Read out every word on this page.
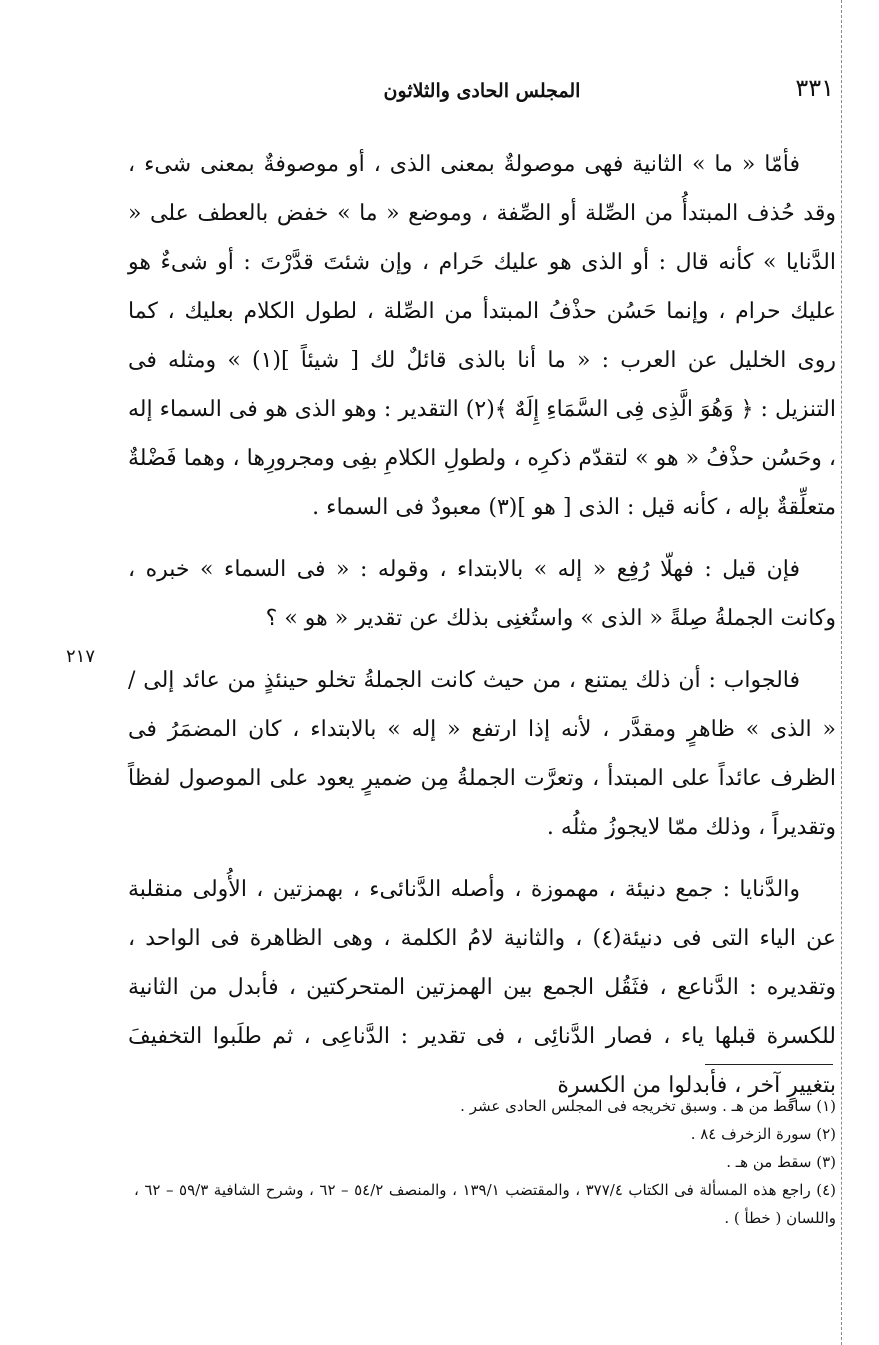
٣٣١
المجلس الحادى والثلاثون
٢١٧

فأمّا « ما » الثانية فهى موصولةٌ بمعنى الذى ، أو موصوفةٌ بمعنى شىء ، وقد حُذف المبتدأُ من الصِّلة أو الصِّفة ، وموضع « ما » خفض بالعطف على « الدَّنايا » كأنه قال : أو الذى هو عليك حَرام ، وإن شئتَ قدَّرْتَ : أو شىءٌ هو عليك حرام ، وإنما حَسُن حذْفُ المبتدأ من الصِّلة ، لطول الكلام بعليك ، كما روى الخليل عن العرب : « ما أنا بالذى قائلٌ لك [ شيئاً ](١) » ومثله فى التنزيل : ﴿ وَهُوَ الَّذِى فِى السَّمَاءِ إِلَهٌ ﴾(٢) التقدير : وهو الذى هو فى السماء إله ، وحَسُن حذْفُ « هو » لتقدّم ذكرِه ، ولطولِ الكلامِ بفِى ومجرورِها ، وهما فَضْلةٌ متعلِّقةٌ بإله ، كأنه قيل : الذى [ هو ](٣) معبودٌ فى السماء .

فإن قيل : فهلّا رُفِع « إله » بالابتداء ، وقوله : « فى السماء » خبره ، وكانت الجملةُ صِلةً « الذى » واستُغنِى بذلك عن تقدير « هو » ؟

فالجواب : أن ذلك يمتنع ، من حيث كانت الجملةُ تخلو حينئذٍ من عائد إلى / « الذى » ظاهرٍ ومقدَّر ، لأنه إذا ارتفع « إله » بالابتداء ، كان المضمَرُ فى الظرف عائداً على المبتدأ ، وتعرَّت الجملةُ مِن ضميرٍ يعود على الموصول لفظاً وتقديراً ، وذلك ممّا لايجوزُ مثلُه .

والدَّنايا : جمع دنيئة ، مهموزة ، وأصله الدَّنائىء ، بهمزتين ، الأُولى منقلبة عن الياء التى فى دنيئة(٤) ، والثانية لامُ الكلمة ، وهى الظاهرة فى الواحد ، وتقديره : الدَّناعع ، فثَقُل الجمع بين الهمزتين المتحركتين ، فأبدل من الثانية للكسرة قبلها ياء ، فصار الدَّنائِى ، فى تقدير : الدَّناعِى ، ثم طلَبوا التخفيفَ بتغييرٍ آخر ، فأبدلوا من الكسرة

(١) ساقط من هـ . وسبق تخريجه فى المجلس الحادى عشر .

(٢) سورة الزخرف ٨٤ .

(٣) سقط من هـ .

(٤) راجع هذه المسألة فى الكتاب ٣٧٧/٤ ، والمقتضب ١٣٩/١ ، والمنصف ٥٤/٢ – ٦٢ ، وشرح الشافية ٥٩/٣ – ٦٢ ، واللسان ( خطأ ) .
